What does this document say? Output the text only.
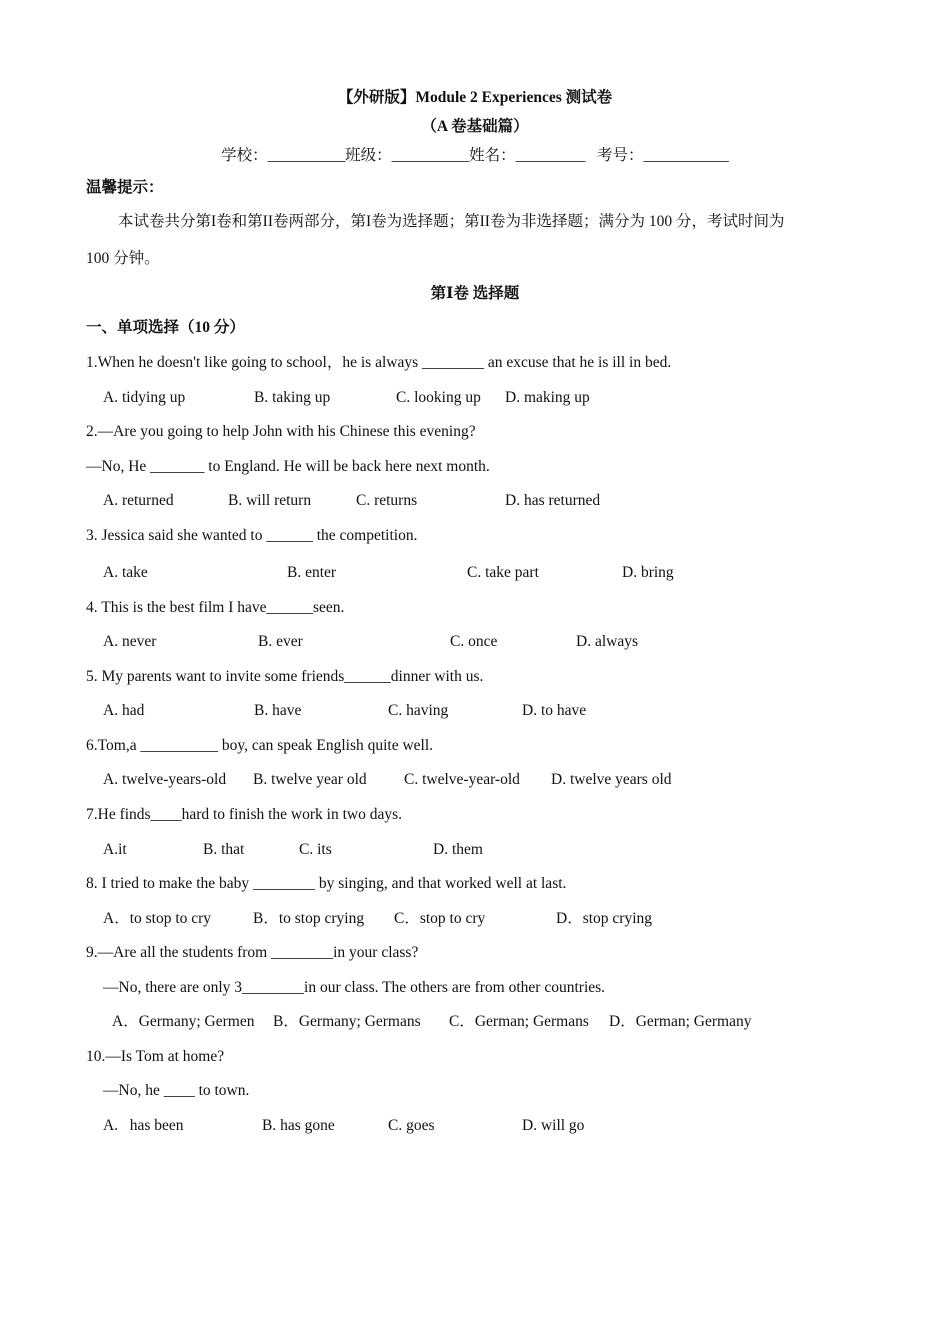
【外研版】Module 2 Experiences 测试卷
（A 卷基础篇）
学校：__________班级：__________姓名：_________   考号：___________
温馨提示：
本试卷共分第I卷和第II卷两部分，第I卷为选择题；第II卷为非选择题；满分为 100 分，考试时间为
100 分钟。
第Ⅰ卷 选择题
一、单项选择（10 分）
1.When he doesn't like going to school，he is always ________ an excuse that he is ill in bed.
A. tidying up	B. taking up	C. looking up D. making up
2.—Are you going to help John with his Chinese this evening?
—No, He _______ to England. He will be back here next month.
A. returned	B. will return	C. returns	D. has returned
3. Jessica said she wanted to ______ the competition.
A. take	B. enter	C. take part	D. bring
4. This is the best film I have______seen.
A. never	B. ever	C. once	D. always
5. My parents want to invite some friends______dinner with us.
A. had	B. have	C. having	D. to have
6.Tom,a __________ boy, can speak English quite well.
A. twelve-years-old B. twelve year old C. twelve-year-old D. twelve years old
7.He finds____hard to finish the work in two days.
A.it	B. that	C. its	D. them
8. I tried to make the baby ________ by singing, and that worked well at last.
A．to stop to cry	B．to stop crying C．stop to cry	D．stop crying
9.—Are all the students from ________in your class?
—No, there are only 3________in our class. The others are from other countries.
A．Germany; Germen B．Germany; Germans C．German; Germans D．German; Germany
10.—Is Tom at home?
—No, he ____ to town.
A.   has been	B. has gone	C. goes	D. will go
